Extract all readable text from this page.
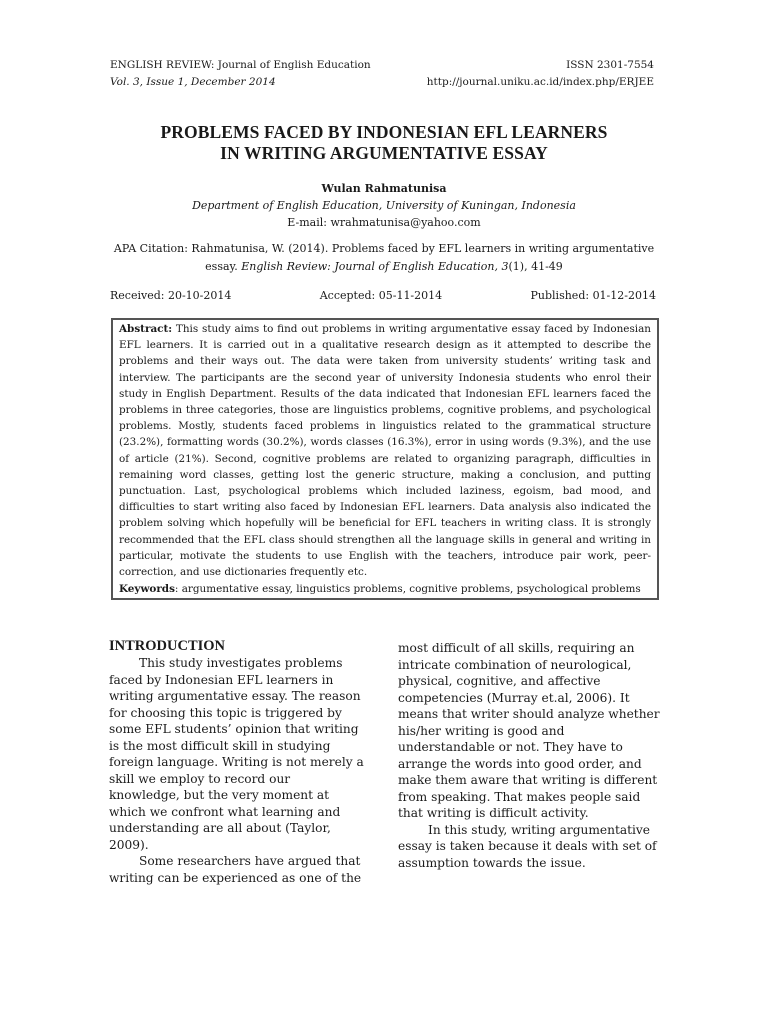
ENGLISH REVIEW: Journal of English Education	ISSN 2301-7554
Vol. 3, Issue 1, December 2014	http://journal.uniku.ac.id/index.php/ERJEE
PROBLEMS FACED BY INDONESIAN EFL LEARNERS
IN WRITING ARGUMENTATIVE ESSAY
Wulan Rahmatunisa
Department of English Education, University of Kuningan, Indonesia
E-mail: wrahmatunisa@yahoo.com
APA Citation: Rahmatunisa, W. (2014). Problems faced by EFL learners in writing argumentative essay. English Review: Journal of English Education, 3(1), 41-49
Received: 20-10-2014	Accepted: 05-11-2014	Published: 01-12-2014

Abstract: This study aims to find out problems in writing argumentative essay faced by Indonesian EFL learners. It is carried out in a qualitative research design as it attempted to describe the problems and their ways out. The data were taken from university students’ writing task and interview. The participants are the second year of university Indonesia students who enrol their study in English Department. Results of the data indicated that Indonesian EFL learners faced the problems in three categories, those are linguistics problems, cognitive problems, and psychological problems. Mostly, students faced problems in linguistics related to the grammatical structure (23.2%), formatting words (30.2%), words classes (16.3%), error in using words (9.3%), and the use of article (21%). Second, cognitive problems are related to organizing paragraph, difficulties in remaining word classes, getting lost the generic structure, making a conclusion, and putting punctuation. Last, psychological problems which included laziness, egoism, bad mood, and difficulties to start writing also faced by Indonesian EFL learners. Data analysis also indicated the problem solving which hopefully will be beneficial for EFL teachers in writing class. It is strongly recommended that the EFL class should strengthen all the language skills in general and writing in particular, motivate the students to use English with the teachers, introduce pair work, peer-correction, and use dictionaries frequently etc.

Keywords: argumentative essay, linguistics problems, cognitive problems, psychological problems

INTRODUCTION

This study investigates problems faced by Indonesian EFL learners in writing argumentative essay. The reason for choosing this topic is triggered by some EFL students’ opinion that writing is the most difficult skill in studying foreign language. Writing is not merely a skill we employ to record our knowledge, but the very moment at which we confront what learning and understanding are all about (Taylor, 2009).

Some researchers have argued that writing can be experienced as one of the

most difficult of all skills, requiring an intricate combination of neurological, physical, cognitive, and affective competencies (Murray et.al, 2006). It means that writer should analyze whether his/her writing is good and understandable or not. They have to arrange the words into good order, and make them aware that writing is different from speaking. That makes people said that writing is difficult activity.

In this study, writing argumentative essay is taken because it deals with set of assumption towards the issue.
